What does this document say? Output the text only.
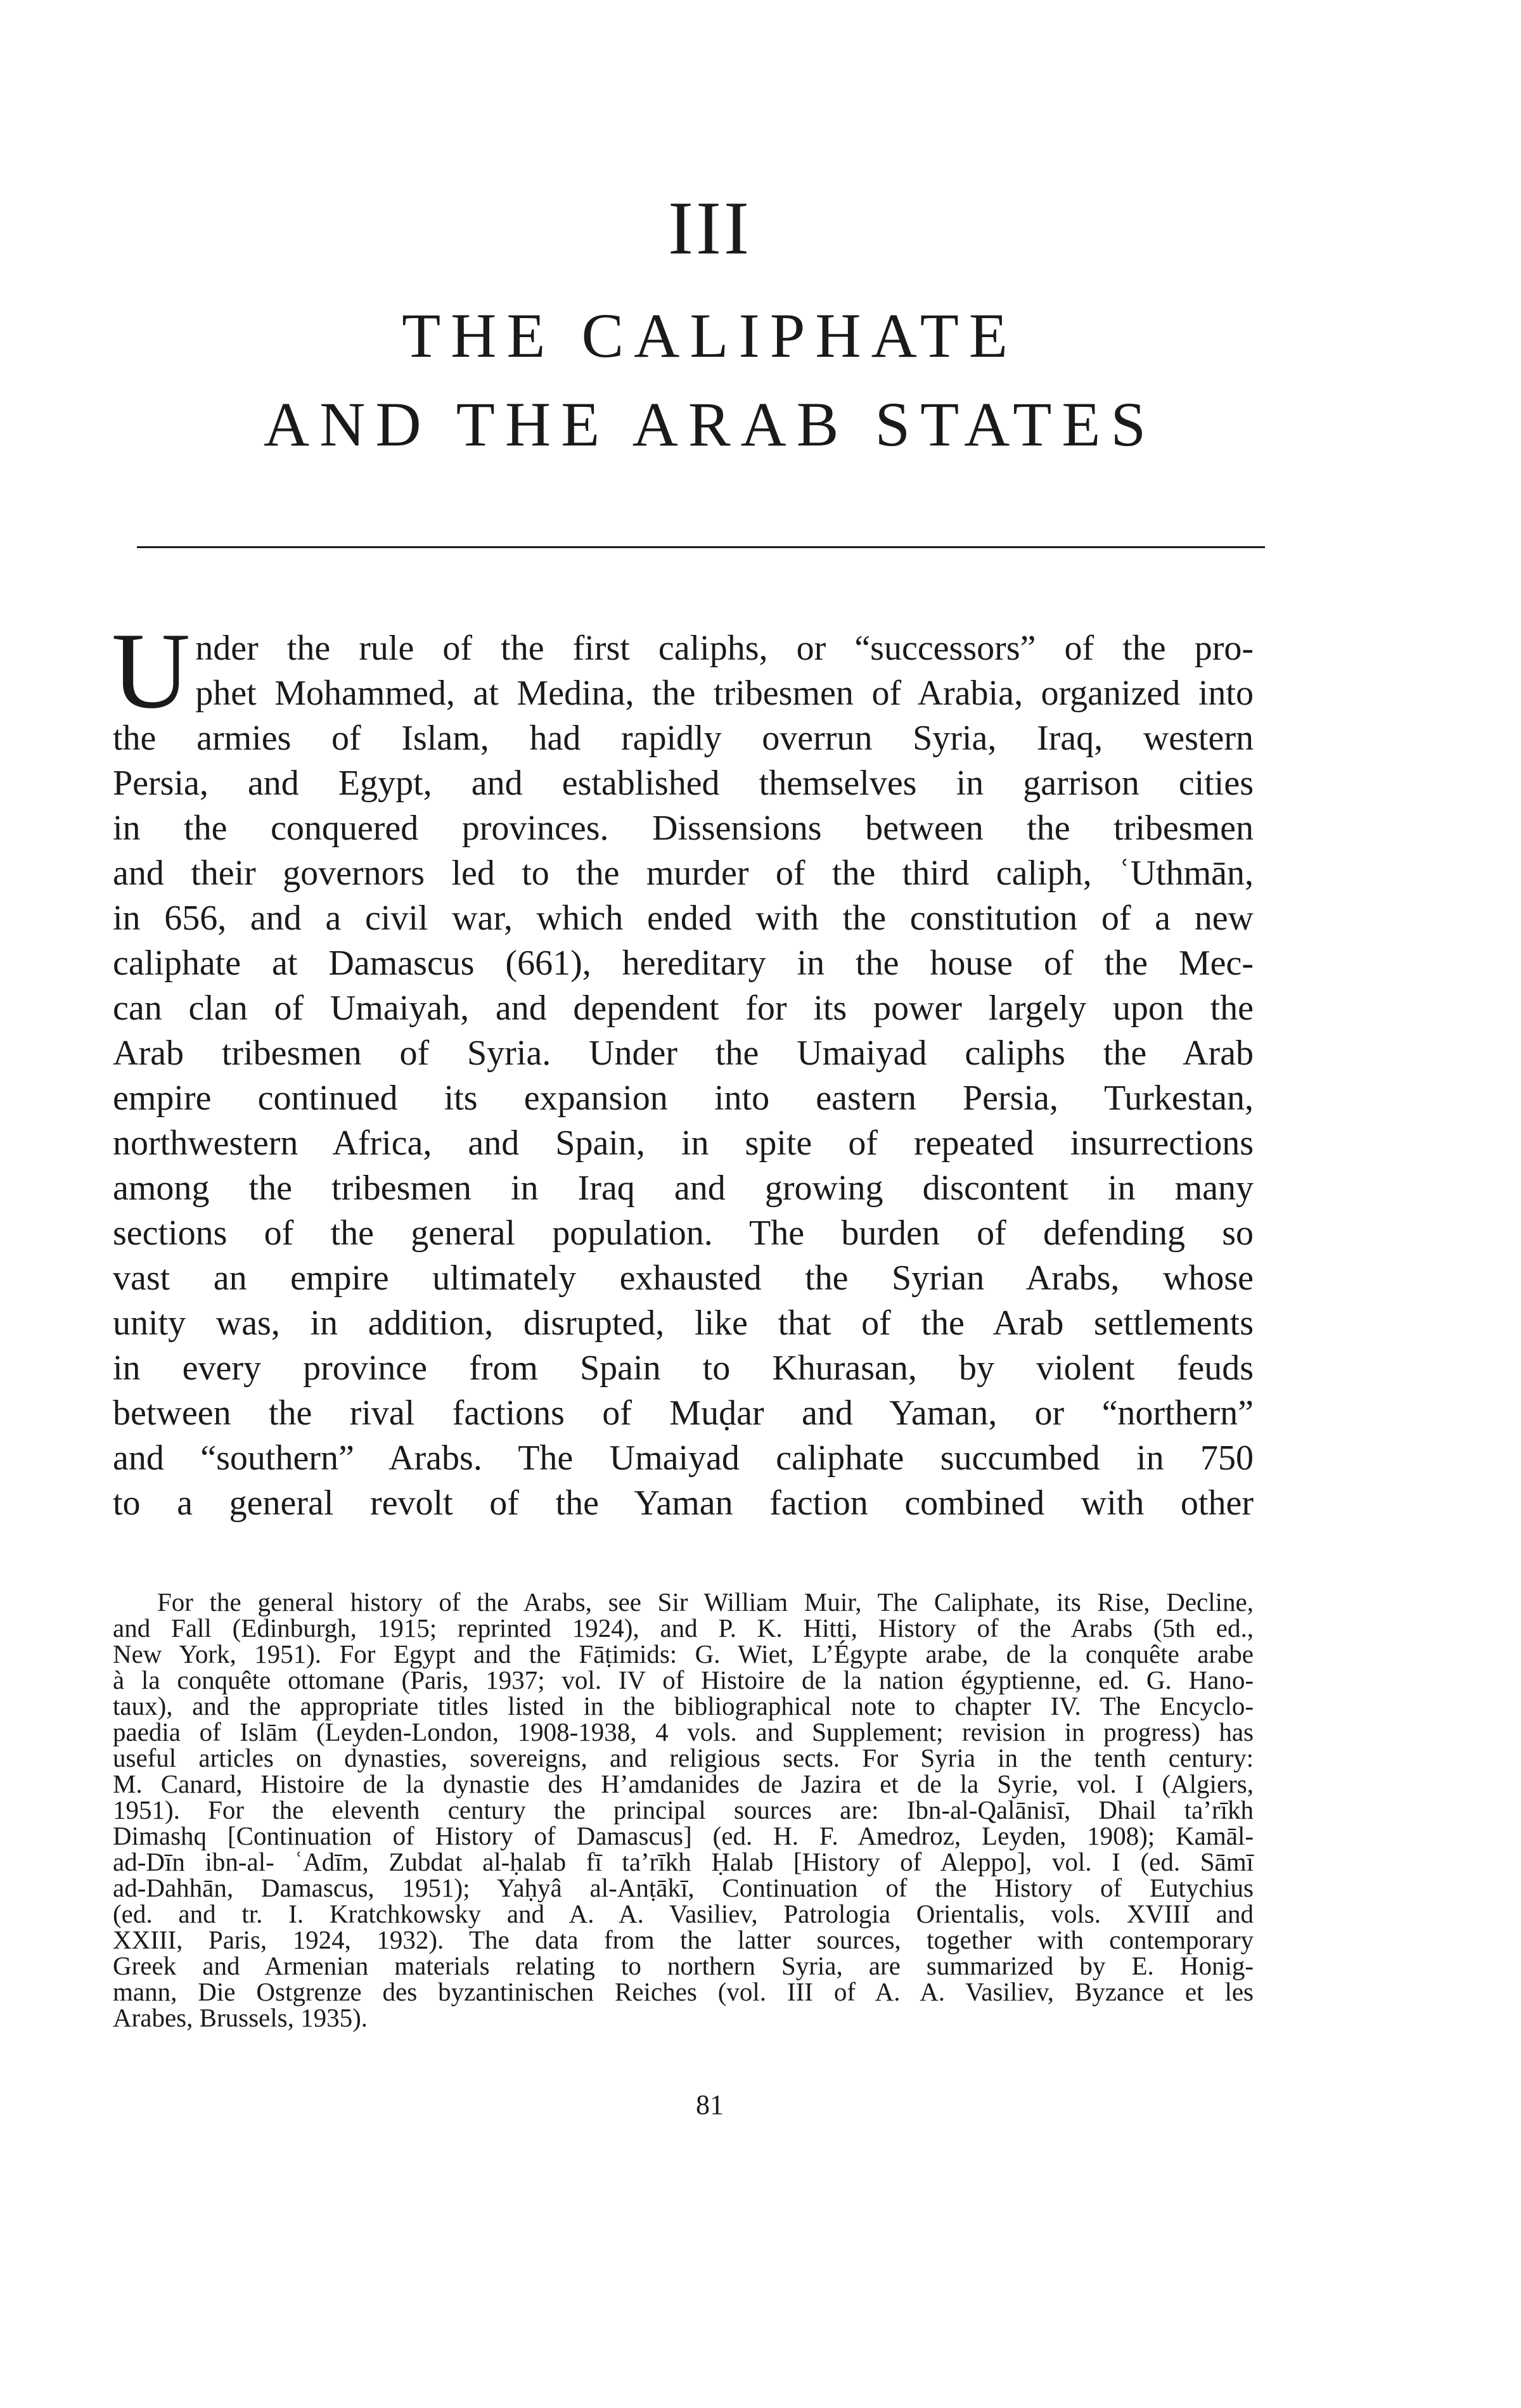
III
THE CALIPHATE
AND THE ARAB STATES
U nder the rule of the first caliphs, or “successors” of the pro-
phet Mohammed, at Medina, the tribesmen of Arabia, organized into
the armies of Islam, had rapidly overrun Syria, Iraq, western
Persia, and Egypt, and established themselves in garrison cities
in the conquered provinces. Dissensions between the tribesmen
and their governors led to the murder of the third caliph, ʿUthmān,
in 656, and a civil war, which ended with the constitution of a new
caliphate at Damascus (661), hereditary in the house of the Mec-
can clan of Umaiyah, and dependent for its power largely upon the
Arab tribesmen of Syria. Under the Umaiyad caliphs the Arab
empire continued its expansion into eastern Persia, Turkestan,
northwestern Africa, and Spain, in spite of repeated insurrections
among the tribesmen in Iraq and growing discontent in many
sections of the general population. The burden of defending so
vast an empire ultimately exhausted the Syrian Arabs, whose
unity was, in addition, disrupted, like that of the Arab settlements
in every province from Spain to Khurasan, by violent feuds
between the rival factions of Muḍar and Yaman, or “northern”
and “southern” Arabs. The Umaiyad caliphate succumbed in 750
to a general revolt of the Yaman faction combined with other
For the general history of the Arabs, see Sir William Muir, The Caliphate, its Rise, Decline,
and Fall (Edinburgh, 1915; reprinted 1924), and P. K. Hitti, History of the Arabs (5th ed.,
New York, 1951). For Egypt and the Fāṭimids: G. Wiet, L’Égypte arabe, de la conquête arabe
à la conquête ottomane (Paris, 1937; vol. IV of Histoire de la nation égyptienne, ed. G. Hano-
taux), and the appropriate titles listed in the bibliographical note to chapter IV. The Encyclo-
paedia of Islām (Leyden-London, 1908-1938, 4 vols. and Supplement; revision in progress) has
useful articles on dynasties, sovereigns, and religious sects. For Syria in the tenth century:
M. Canard, Histoire de la dynastie des H’amdanides de Jazira et de la Syrie, vol. I (Algiers,
1951). For the eleventh century the principal sources are: Ibn-al-Qalānisī, Dhail ta’rīkh
Dimashq [Continuation of History of Damascus] (ed. H. F. Amedroz, Leyden, 1908); Kamāl-
ad-Dīn ibn-al- ʿAdīm, Zubdat al-ḥalab fī ta’rīkh Ḥalab [History of Aleppo], vol. I (ed. Sāmī
ad-Dahhān, Damascus, 1951); Yaḥyâ al-Anṭākī, Continuation of the History of Eutychius
(ed. and tr. I. Kratchkowsky and A. A. Vasiliev, Patrologia Orientalis, vols. XVIII and
XXIII, Paris, 1924, 1932). The data from the latter sources, together with contemporary
Greek and Armenian materials relating to northern Syria, are summarized by E. Honig-
mann, Die Ostgrenze des byzantinischen Reiches (vol. III of A. A. Vasiliev, Byzance et les
Arabes, Brussels, 1935).
81
